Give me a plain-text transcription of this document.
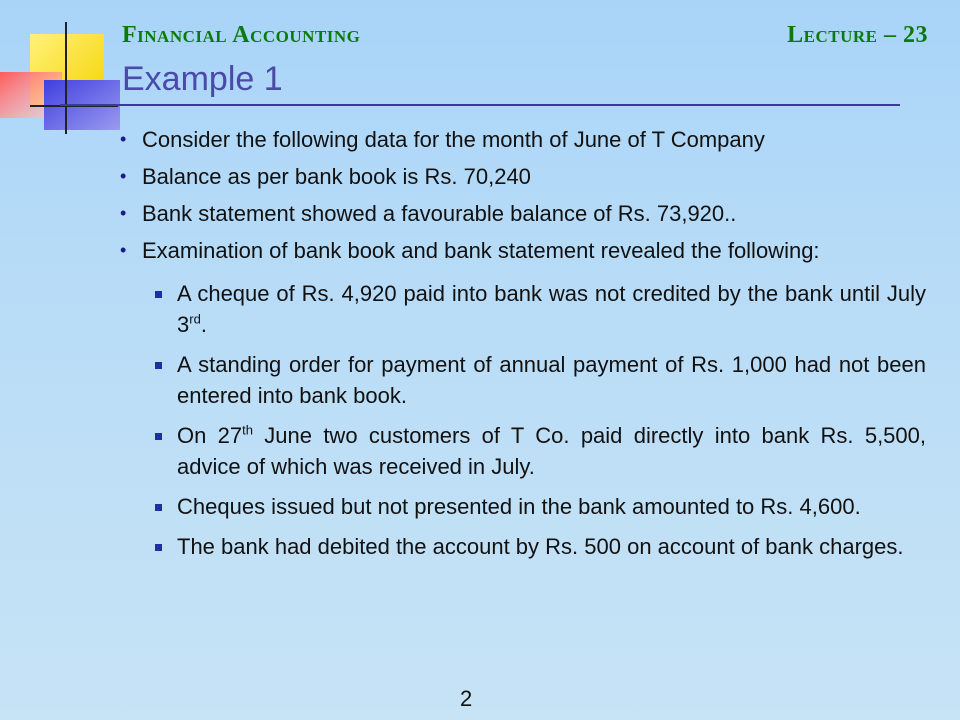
Financial Accounting	Lecture – 23
Example 1
• Consider the following data for the month of June of T Company
• Balance as per bank book is Rs. 70,240
• Bank statement showed a favourable balance of Rs. 73,920..
• Examination of bank book and bank statement revealed the following:
A cheque of Rs. 4,920 paid into bank was not credited by the bank until July 3rd.
A standing order for payment of annual payment of Rs. 1,000 had not been entered into bank book.
On 27th June two customers of T Co. paid directly into bank Rs. 5,500, advice of which was received in July.
Cheques issued but not presented in the bank amounted to Rs. 4,600.
The bank had debited the account by Rs. 500 on account of bank charges.
2
